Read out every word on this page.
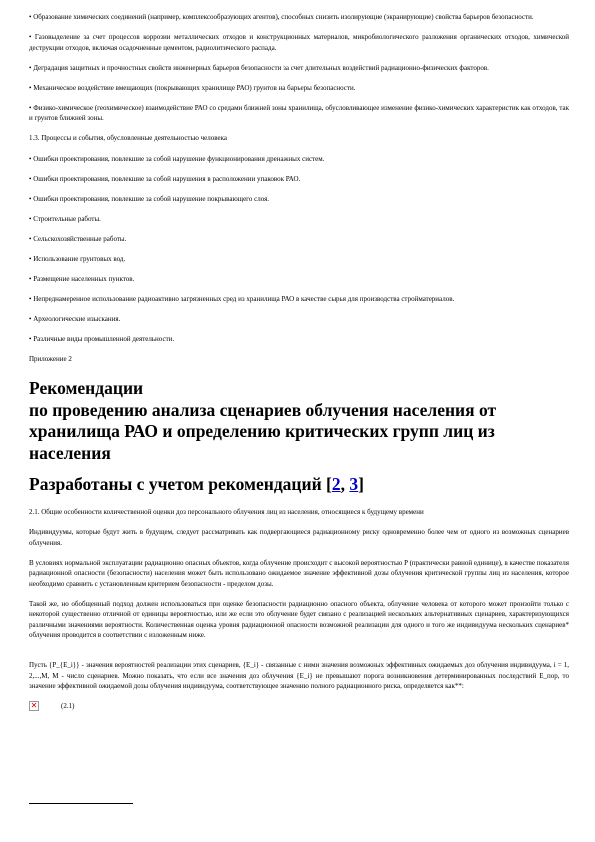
• Образование химических соединений (например, комплексообразующих агентов), способных снизить изолирующие (экранирующие) свойства барьеров безопасности.

• Газовыделение за счет процессов коррозии металлических отходов и конструкционных материалов, микробиологического разложения органических отходов, химической деструкции отходов, включая осадочненные цементом, радиолитического распада.

• Деградация защитных и прочностных свойств инженерных барьеров безопасности за счет длительных воздействий радиационно-физических факторов.

• Механическое воздействие вмещающих (покрывающих хранилище РАО) грунтов на барьеры безопасности.

• Физико-химическое (геохимическое) взаимодействие РАО со средами ближней зоны хранилища, обусловливающее изменение физико-химических характеристик как отходов, так и грунтов ближней зоны.

1.3. Процессы и события, обусловленные деятельностью человека

• Ошибки проектирования, повлекшие за собой нарушение функционирования дренажных систем.

• Ошибки проектирования, повлекшие за собой нарушения в расположении упаковок РАО.

• Ошибки проектирования, повлекшие за собой нарушение покрывающего слоя.

• Строительные работы.

• Сельскохозяйственные работы.

• Использование грунтовых вод.

• Размещение населенных пунктов.

• Непреднамеренное использование радиоактивно загрязненных сред из хранилища РАО в качестве сырья для производства стройматериалов.

• Археологические изыскания.

• Различные виды промышленной деятельности.

Приложение 2

Рекомендации
по проведению анализа сценариев облучения населения от
хранилища РАО и определению критических групп лиц из
населения
Разработаны с учетом рекомендаций [2, 3]

2.1. Общие особенности количественной оценки доз персонального облучения лиц из населения, относящиеся к будущему времени

Индивидуумы, которые будут жить в будущем, следует рассматривать как подвергающиеся радиационному риску одновременно более чем от одного из возможных сценариев облучения.

В условиях нормальной эксплуатации радиационно опасных объектов, когда облучение происходит с высокой вероятностью P (практически равной единице), в качестве показателя радиационной опасности (безопасности) населения может быть использовано ожидаемое значение эффективной дозы облучения критической группы лиц из населения, которое необходимо сравнить с установленным критерием безопасности - пределом дозы.

Такой же, но обобщенный подход должен использоваться при оценке безопасности радиационно опасного объекта, облучение человека от которого может произойти только с некоторой существенно отличной от единицы вероятностью, или же если это облучение будет связано с реализацией нескольких альтернативных сценариев, характеризующихся различными значениями вероятности. Количественная оценка уровня радиационной опасности возможной реализации для одного и того же индивидуума нескольких сценариев* облучения проводится в соответствии с изложенным ниже.

Пусть {P_{E_i}} - значения вероятностей реализации этих сценариев, {E_i} - связанные с ними значения возможных эффективных ожидаемых доз облучения индивидуума, i = 1, 2,...,M, M - число сценариев. Можно показать, что если все значения доз облучения {E_i} не превышают порога возникновения детерминированных последствий E_пор, то значение эффективной ожидаемой дозы облучения индивидуума, соответствующее значению полного радиационного риска, определяется как**:

✕	(2.1)
